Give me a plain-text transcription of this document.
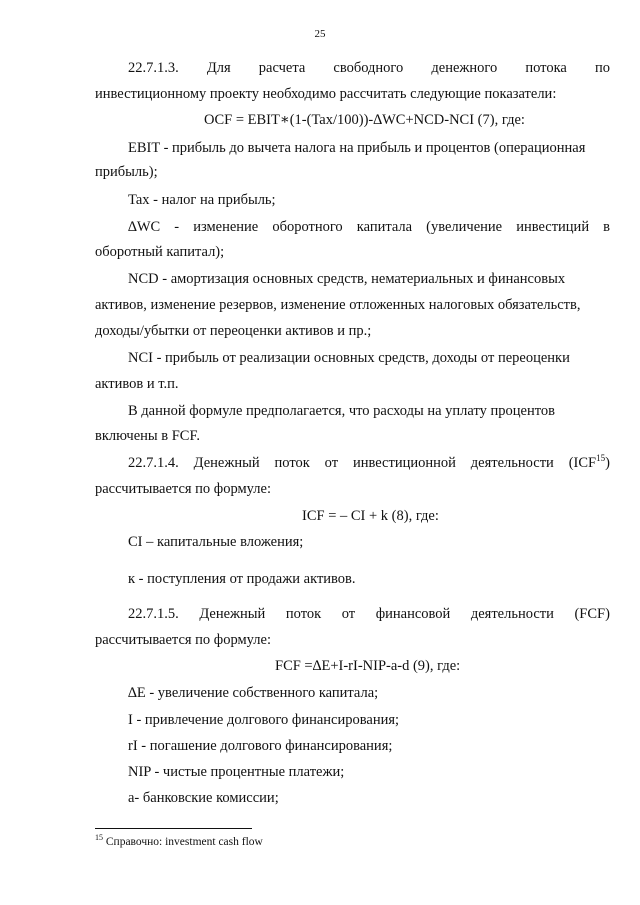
25
22.7.1.3. Для расчета свободного денежного потока по
инвестиционному проекту необходимо рассчитать следующие показатели:
OCF = EBIT∗(1-(Tax/100))-∆WC+NCD-NCI (7), где:
EBIT - прибыль до вычета налога на прибыль и процентов (операционная
прибыль);
Tax - налог на прибыль;
∆WC - изменение оборотного капитала (увеличение инвестиций в
оборотный капитал);
NCD - амортизация основных средств, нематериальных и финансовых
активов, изменение резервов, изменение отложенных налоговых обязательств,
доходы/убытки от переоценки активов и пр.;
NCI - прибыль от реализации основных средств, доходы от переоценки
активов и т.п.
В данной формуле предполагается, что расходы на уплату процентов
включены в FCF.
22.7.1.4. Денежный поток от инвестиционной деятельности (ICF$^{15}$)
рассчитывается по формуле:
ICF = – CI + k (8), где:
CI – капитальные вложения;
к - поступления от продажи активов.
22.7.1.5. Денежный поток от финансовой деятельности (FCF)
рассчитывается по формуле:
FCF =∆E+I-rI-NIP-a-d (9), где:
∆E - увеличение собственного капитала;
I - привлечение долгового финансирования;
rI - погашение долгового финансирования;
NIP - чистые процентные платежи;
a- банковские комиссии;
$^{15}$ Справочно: investment cash flow
